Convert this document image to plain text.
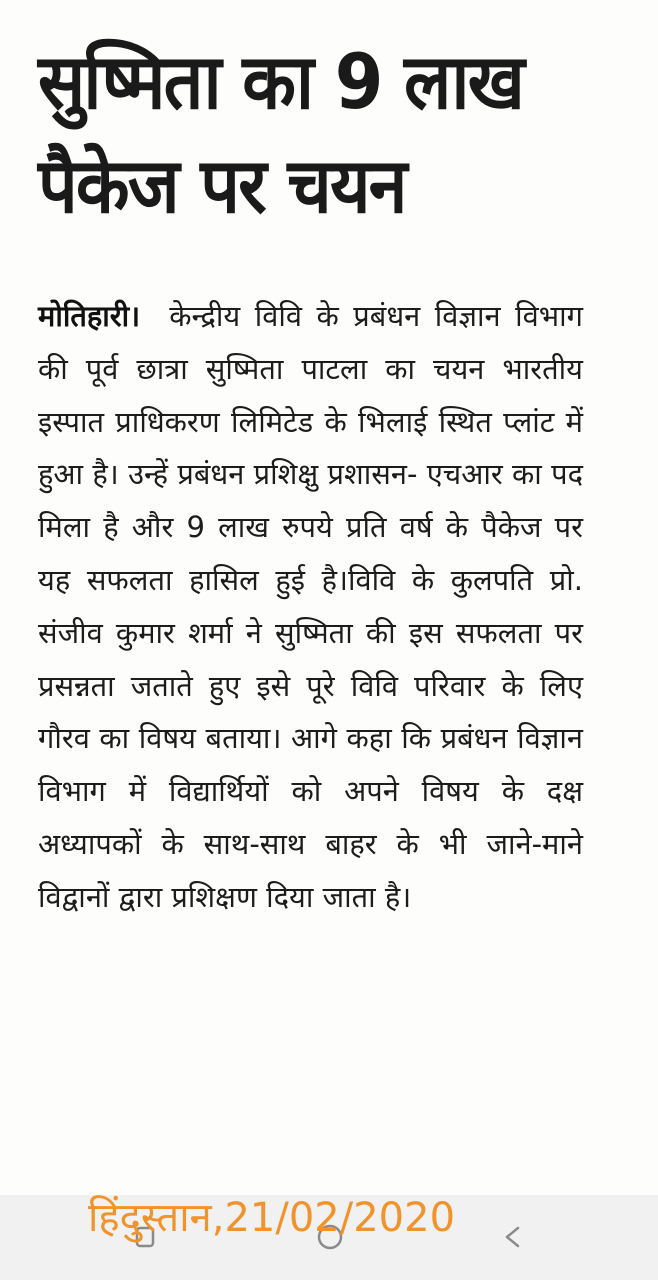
सुष्मिता का 9 लाख
पैकेज पर चयन

मोतिहारी। केन्द्रीय विवि के प्रबंधन विज्ञान विभाग की पूर्व छात्रा सुष्मिता पाटला का चयन भारतीय इस्पात प्राधिकरण लिमिटेड के भिलाई स्थित प्लांट में हुआ है। उन्हें प्रबंधन प्रशिक्षु प्रशासन- एचआर का पद मिला है और 9 लाख रुपये प्रति वर्ष के पैकेज पर यह सफलता हासिल हुई है।विवि के कुलपति प्रो. संजीव कुमार शर्मा ने सुष्मिता की इस सफलता पर प्रसन्नता जताते हुए इसे पूरे विवि परिवार के लिए गौरव का विषय बताया। आगे कहा कि प्रबंधन विज्ञान विभाग में विद्यार्थियों को अपने विषय के दक्ष अध्यापकों के साथ-साथ बाहर के भी जाने-माने विद्वानों द्वारा प्रशिक्षण दिया जाता है।

हिंदुस्तान,21/02/2020
